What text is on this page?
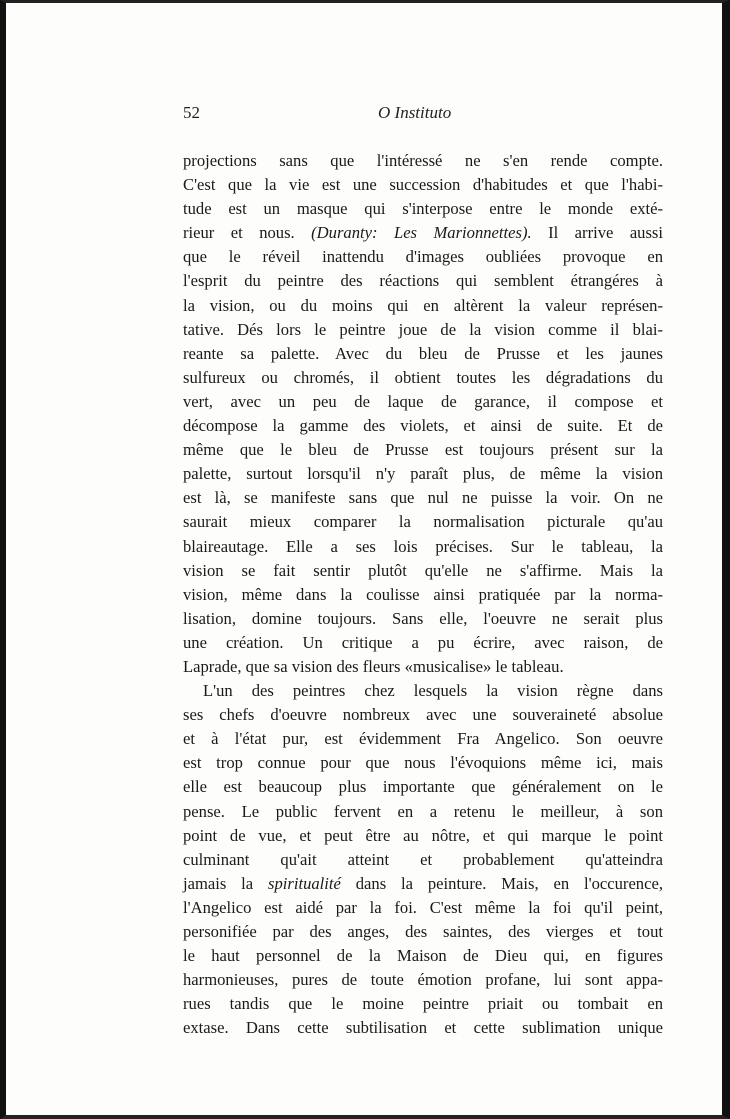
52	O Instituto
projections sans que l'intéressé ne s'en rende compte.
C'est que la vie est une succession d'habitudes et que l'habi-
tude est un masque qui s'interpose entre le monde exté-
rieur et nous. (Duranty: Les Marionnettes). Il arrive aussi
que le réveil inattendu d'images oubliées provoque en
l'esprit du peintre des réactions qui semblent étrangéres à
la vision, ou du moins qui en altèrent la valeur représen-
tative. Dés lors le peintre joue de la vision comme il blai-
reante sa palette. Avec du bleu de Prusse et les jaunes
sulfureux ou chromés, il obtient toutes les dégradations du
vert, avec un peu de laque de garance, il compose et
décompose la gamme des violets, et ainsi de suite. Et de
même que le bleu de Prusse est toujours présent sur la
palette, surtout lorsqu'il n'y paraît plus, de même la vision
est là, se manifeste sans que nul ne puisse la voir. On ne
saurait mieux comparer la normalisation picturale qu'au
blaireautage. Elle a ses lois précises. Sur le tableau, la
vision se fait sentir plutôt qu'elle ne s'affirme. Mais la
vision, même dans la coulisse ainsi pratiquée par la norma-
lisation, domine toujours. Sans elle, l'oeuvre ne serait plus
une création. Un critique a pu écrire, avec raison, de
Laprade, que sa vision des fleurs «musicalise» le tableau.
L'un des peintres chez lesquels la vision règne dans
ses chefs d'oeuvre nombreux avec une souveraineté absolue
et à l'état pur, est évidemment Fra Angelico. Son oeuvre
est trop connue pour que nous l'évoquions même ici, mais
elle est beaucoup plus importante que généralement on le
pense. Le public fervent en a retenu le meilleur, à son
point de vue, et peut être au nôtre, et qui marque le point
culminant qu'ait atteint et probablement qu'atteindra
jamais la spiritualité dans la peinture. Mais, en l'occurence,
l'Angelico est aidé par la foi. C'est même la foi qu'il peint,
personifiée par des anges, des saintes, des vierges et tout
le haut personnel de la Maison de Dieu qui, en figures
harmonieuses, pures de toute émotion profane, lui sont appa-
rues tandis que le moine peintre priait ou tombait en
extase. Dans cette subtilisation et cette sublimation unique
